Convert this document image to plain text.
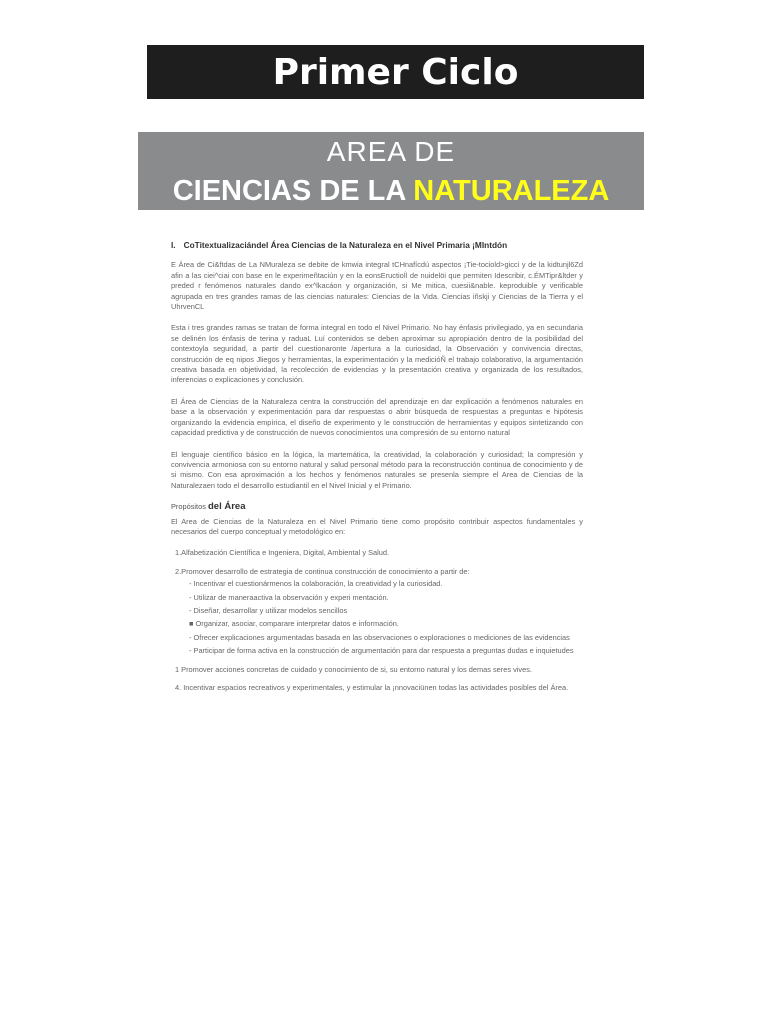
Primer Ciclo
AREA DE
CIENCIAS DE LA NATURALEZA
I. CoTitextualizaciándel Área Ciencias de la Naturaleza en el Nivel Primaria ¡MIntdón

E Área de Ci&ftdas de La NMuraleza se debite de kmwia integral tCHnafícdú aspectos ¡Tie-tociold>gicci y de la kidtunjl6Zd afin a las ciei^ciai con base en le experimeñtaciún y en la eonsEructioÍl de nuidelöi que permiten Idescribir, c.ÉMTipr&ltder y preded r fenómenos naturales dando ex^lkacáon y organización, si Me mitica, cuesii&nable. keproduible y verificable agrupada en tres grandes ramas de las ciencias naturales: Ciencias de la Vida. Ciencias iñskji y Ciencias de la Tierra y el UhrvenCL

Esta i tres grandes ramas se tratan de forma integral en todo el Nivel Primario. No hay énfasis privilegiado, ya en secundaria se delinén los énfasis de terina y raduaL Luí contenidos se deben aproximar su apropiación dentro de la posibilidad del contextoyla seguridad, a partir del cuestionaronte /apertura a la curiosidad, la Observación y convivencia directas, construcción de eq nipos Jliegos y herramientas, la experimentación y la medicióÑ el trabajo colaborativo, la argumentación creativa basada en objetividad, la recolección de evidencias y la presentación creativa y organizada de los resultados, inferencias o explicaciones y conclusión.

El Área de Ciencias de la Naturaleza centra la construcción del aprendizaje en dar explicación a fenómenos naturales en base a la observación y experimentación para dar respuestas o abrir búsqueda de respuestas a preguntas e hipótesis organizando la evidencia empírica, el diseño de experimento y le construcción de herramientas y equipos sintetizando con capacidad predictiva y de construcción de nuevos conocimientos una compresión de su entorno natural

El lenguaje científico básico en la lógica, la martemática, la creatividad, la colaboración y curiosidad; la compresión y convivencia armoniosa con su entorno natural y salud personal método para la reconstrucción continua de conocimiento y de si mismo. Con esa aproximación a los hechos y fenómenos naturales se presenla siempre el Area de Ciencias de la Naturalezaen todo el desarrollo estudiantil en el Nivel Inicial y el Primario.

Propósitos del Área

El Area de Ciencias de la Naturaleza en el Nivel Primario tiene como propósito contribuir aspectos fundamentales y necesarios del cuerpo conceptual y metodológico en:

1.Alfabetización Científica e Ingeniera, Digital, Ambiental y Salud.
2.Promover desarrollo de estrategia de continua construcción de conocimiento a partir de:
- Incentivar el cuestionármenos la colaboración, la creatividad y la curiosidad.
- Utilizar de maneraactiva la observación y experi mentación.
- Diseñar, desarrollar y utilizar modelos sencillos
■ Organizar, asociar, comparare interpretar datos e información.
- Ofrecer explicaciones argumentadas basada en las observaciones o exploraciones o mediciones de las evidencias
- Participar de forma activa en la construcción de argumentación para dar respuesta a preguntas dudas e inquietudes
1 Promover acciones concretas de cuidado y conocimiento de si, su entorno natural y los demas seres vives.
4. Incentivar espacios recreativos y experimentales, y estimular la ¡nnovaciünen todas las actividades posibles del Área.
